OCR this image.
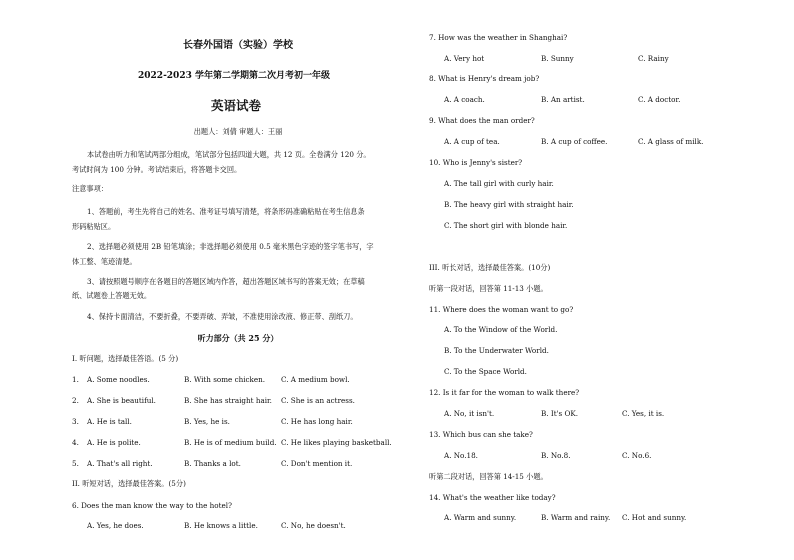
长春外国语（实验）学校
2022-2023 学年第二学期第二次月考初一年级
英语试卷
出题人：刘倩 审题人：王丽
本试卷由听力和笔试两部分组成，笔试部分包括四道大题，共 12 页。全卷满分 120 分。
考试时间为 100 分钟。考试结束后，将答题卡交回。
注意事项：
1、答题前，考生先将自己的姓名、准考证号填写清楚，将条形码准确粘贴在考生信息条
形码粘贴区。
2、选择题必须使用 2B 铅笔填涂；非选择题必须使用 0.5 毫米黑色字迹的签字笔书写，字
体工整、笔迹清楚。
3、请按照题号顺序在各题目的答题区域内作答，超出答题区域书写的答案无效；在草稿
纸、试题卷上答题无效。
4、保持卡面清洁，不要折叠，不要弄破、弄皱，不准使用涂改液、修正带、刮纸刀。
听力部分（共 25 分）
I. 听问题，选择最佳答语。(5 分)
1. A. Some noodles.	B. With some chicken. C. A medium bowl.
2. A. She is beautiful.	B. She has straight hair. C. She is an actress.
3. A. He is tall.	B. Yes, he is.	C. He has long hair.
4. A. He is polite.	B. He is of medium build. C. He likes playing basketball.
5. A. That's all right.	B. Thanks a lot.	C. Don't mention it.
II. 听短对话，选择最佳答案。(5分)
6. Does the man know the way to the hotel?
A. Yes, he does.	B. He knows a little.	C. No, he doesn't.
7. How was the weather in Shanghai?
A. Very hot	B. Sunny	C. Rainy
8. What is Henry's dream job?
A. A coach.	B. An artist.	C. A doctor.
9. What does the man order?
A. A cup of tea.	B. A cup of coffee.	C. A glass of milk.
10. Who is Jenny's sister?
A. The tall girl with curly hair.
B. The heavy girl with straight hair.
C. The short girl with blonde hair.
III. 听长对话，选择最佳答案。(10分)
听第一段对话，回答第 11-13 小题。
11. Where does the woman want to go?
A. To the Window of the World.
B. To the Underwater World.
C. To the Space World.
12. Is it far for the woman to walk there?
A. No, it isn't.	B. It's OK.	C. Yes, it is.
13. Which bus can she take?
A. No.18.	B. No.8.	C. No.6.
听第二段对话，回答第 14-15 小题。
14. What's the weather like today?
A. Warm and sunny.	B. Warm and rainy. C. Hot and sunny.
